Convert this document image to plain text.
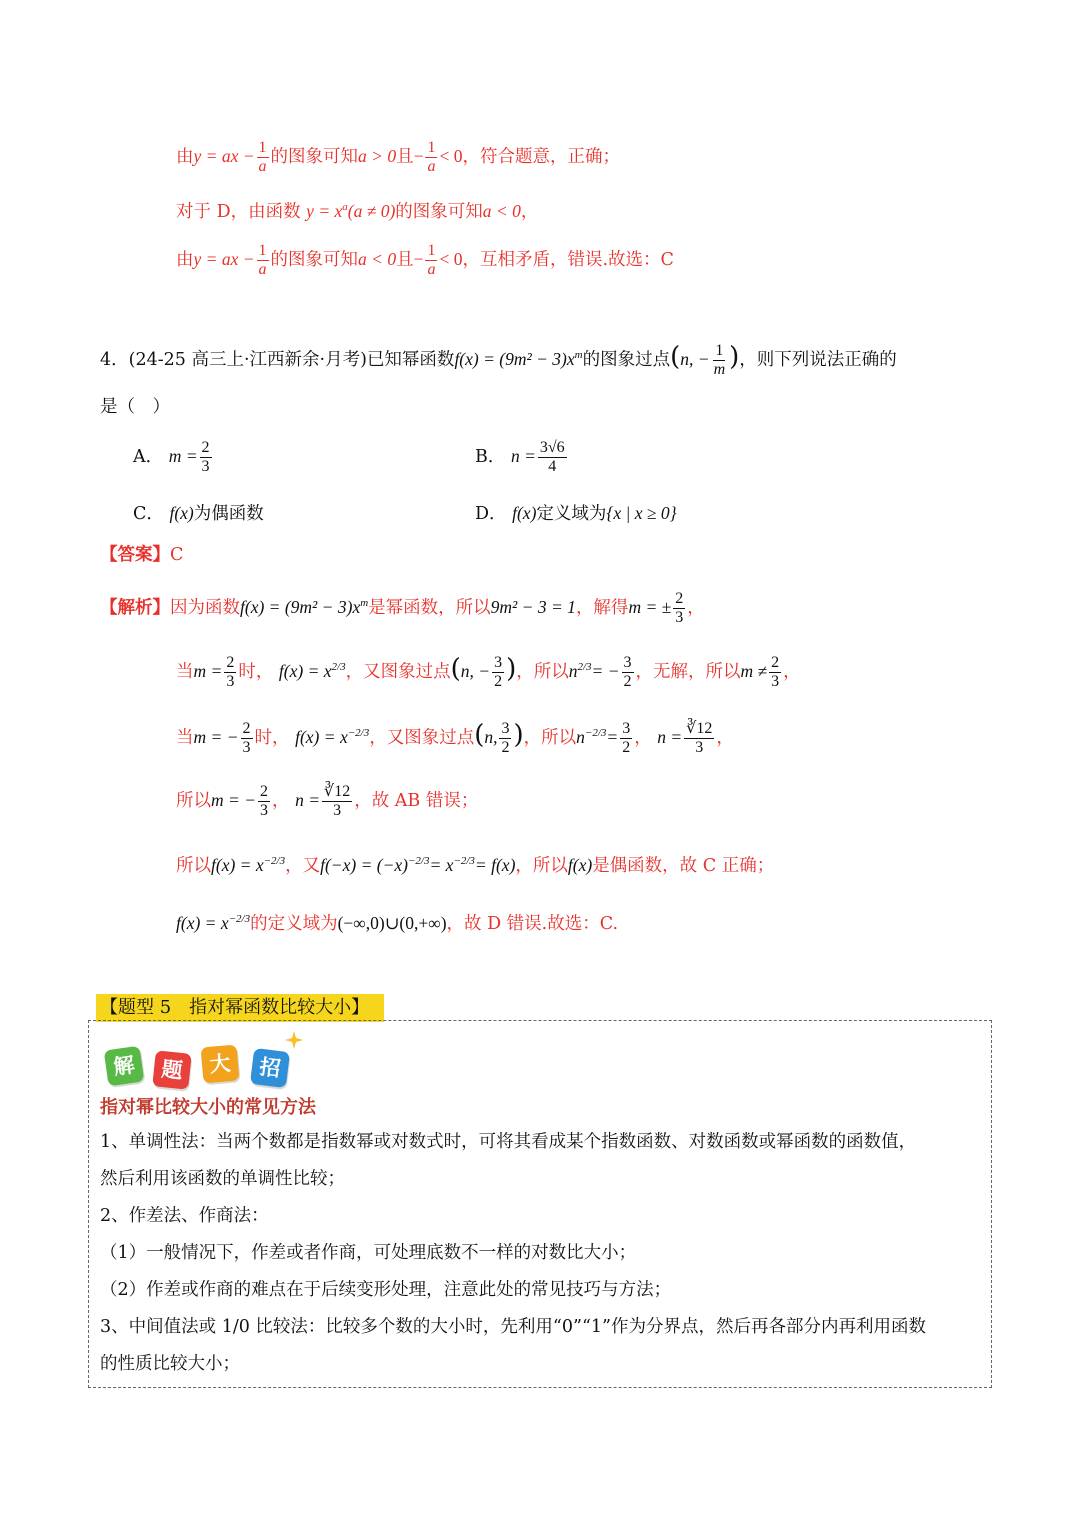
由y = ax − $\frac{1}{a}$ 的图象可知a > 0且− $\frac{1}{a} < 0$，符合题意，正确；
对于 D，由函数 $y = x^a(a \ne 0)$的图象可知a < 0，
由y = ax − $\frac{1}{a}$ 的图象可知a < 0且− $\frac{1}{a} < 0$，互相矛盾，错误.故选：C
4．(24-25 高三上·江西新余·月考)已知幂函数$f(x) = (9m^2 - 3)x^m$的图象过点(n, − $\frac{1}{m}$ )，则下列说法正确的
是（　）
A． $m = \frac{2}{3}$	B． $n = \frac{3√6}{4}$
C． f(x)为偶函数	D． f(x)定义域为{x | x ≥ 0}
【答案】C
【解析】因为函数$f(x) = (9m^2 - 3)x^m$是幂函数，所以9m² − 3 = 1，解得m = ± $\frac{2}{3}$ ，
当$m = \frac{2}{3}$ 时， $f(x) = x^{2/3}$，又图象过点(n, − $\frac{3}{2}$ )，所以$n^{2/3}= - \frac{3}{2}$ ，无解，所以$m \ne \frac{2}{3}$ ，
当m = − $\frac{2}{3}$ 时， $f(x) = x^{-2/3}$，又图象过点(n, $\frac{3}{2}$ )，所以$n^{-2/3}= \frac{3}{2}$ ， $n = \frac{∛12}{3}$ ，
所以m = − $\frac{2}{3}$ ， $n = \frac{∛12}{3}$ ，故 AB 错误；
所以$f(x) = x^{-2/3}$，又$f(-x) = (-x)^{-2/3}= x^{-2/3}= f(x)$，所以f(x)是偶函数，故 C 正确；
$f(x) = x^{-2/3}$的定义域为(−∞,0)∪(0,+∞)，故 D 错误.故选：C.
【题型 5　指对幂函数比较大小】
解	题	大	招
指对幂比较大小的常见方法
1、单调性法：当两个数都是指数幂或对数式时，可将其看成某个指数函数、对数函数或幂函数的函数值，
然后利用该函数的单调性比较；
2、作差法、作商法：
（1）一般情况下，作差或者作商，可处理底数不一样的对数比大小；
（2）作差或作商的难点在于后续变形处理，注意此处的常见技巧与方法；
3、中间值法或 1/0 比较法：比较多个数的大小时，先利用“0”“1”作为分界点，然后再各部分内再利用函数
的性质比较大小；
